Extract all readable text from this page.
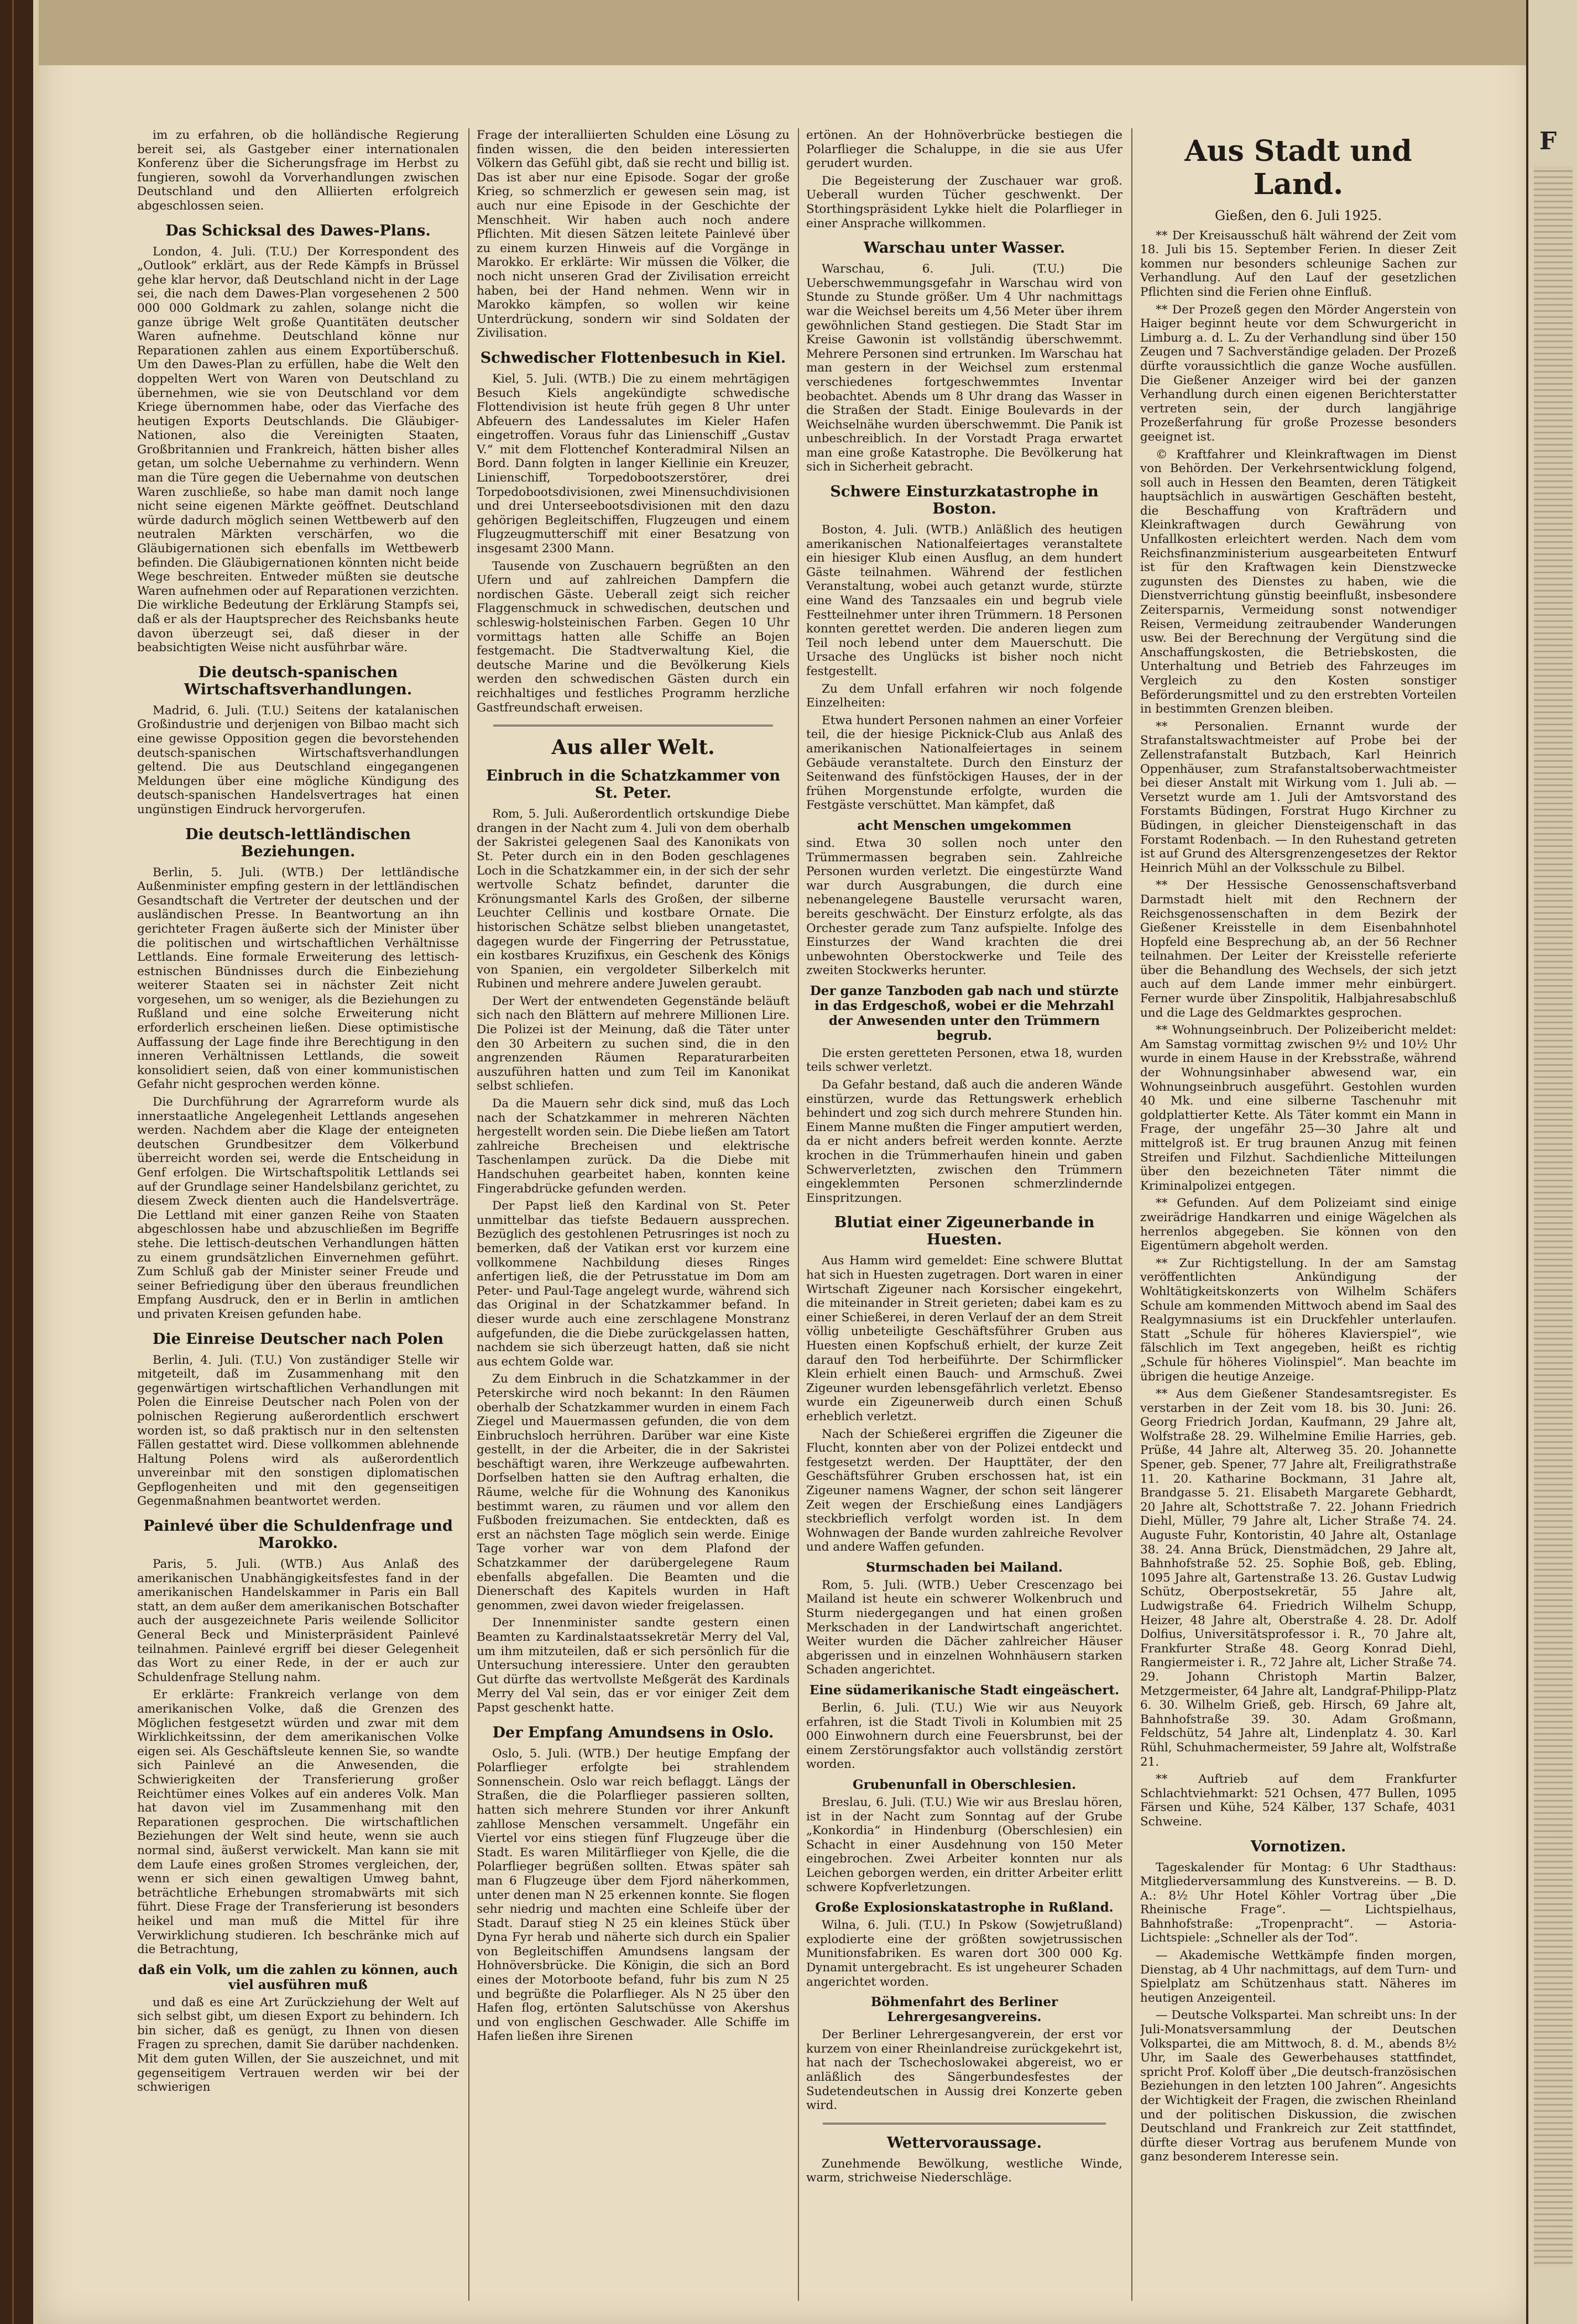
im zu erfahren, ob die holländische Regierung bereit sei, als Gastgeber einer internationalen Konferenz über die Sicherungsfrage im Herbst zu fungieren, sowohl da Vorverhandlungen zwischen Deutschland und den Alliierten erfolgreich abgeschlossen seien.

Das Schicksal des Dawes-Plans.

London, 4. Juli. (T.U.) Der Korrespondent des „Outlook“ erklärt, aus der Rede Kämpfs in Brüssel gehe klar hervor, daß Deutschland nicht in der Lage sei, die nach dem Dawes-Plan vorgesehenen 2 500 000 000 Goldmark zu zahlen, solange nicht die ganze übrige Welt große Quantitäten deutscher Waren aufnehme. Deutschland könne nur Reparationen zahlen aus einem Exportüberschuß. Um den Dawes-Plan zu erfüllen, habe die Welt den doppelten Wert von Waren von Deutschland zu übernehmen, wie sie von Deutschland vor dem Kriege übernommen habe, oder das Vierfache des heutigen Exports Deutschlands. Die Gläubiger-Nationen, also die Vereinigten Staaten, Großbritannien und Frankreich, hätten bisher alles getan, um solche Uebernahme zu verhindern. Wenn man die Türe gegen die Uebernahme von deutschen Waren zuschließe, so habe man damit noch lange nicht seine eigenen Märkte geöffnet. Deutschland würde dadurch möglich seinen Wettbewerb auf den neutralen Märkten verschärfen, wo die Gläubigernationen sich ebenfalls im Wettbewerb befinden. Die Gläubigernationen könnten nicht beide Wege beschreiten. Entweder müßten sie deutsche Waren aufnehmen oder auf Reparationen verzichten. Die wirkliche Bedeutung der Erklärung Stampfs sei, daß er als der Hauptsprecher des Reichsbanks heute davon überzeugt sei, daß dieser in der beabsichtigten Weise nicht ausführbar wäre.

Die deutsch-spanischen Wirtschaftsverhandlungen.

Madrid, 6. Juli. (T.U.) Seitens der katalanischen Großindustrie und derjenigen von Bilbao macht sich eine gewisse Opposition gegen die bevorstehenden deutsch-spanischen Wirtschaftsverhandlungen geltend. Die aus Deutschland eingegangenen Meldungen über eine mögliche Kündigung des deutsch-spanischen Handelsvertrages hat einen ungünstigen Eindruck hervorgerufen.

Die deutsch-lettländischen Beziehungen.

Berlin, 5. Juli. (WTB.) Der lettländische Außenminister empfing gestern in der lettländischen Gesandtschaft die Vertreter der deutschen und der ausländischen Presse. In Beantwortung an ihn gerichteter Fragen äußerte sich der Minister über die politischen und wirtschaftlichen Verhältnisse Lettlands. Eine formale Erweiterung des lettisch-estnischen Bündnisses durch die Einbeziehung weiterer Staaten sei in nächster Zeit nicht vorgesehen, um so weniger, als die Beziehungen zu Rußland und eine solche Erweiterung nicht erforderlich erscheinen ließen. Diese optimistische Auffassung der Lage finde ihre Berechtigung in den inneren Verhältnissen Lettlands, die soweit konsolidiert seien, daß von einer kommunistischen Gefahr nicht gesprochen werden könne.

Die Durchführung der Agrarreform wurde als innerstaatliche Angelegenheit Lettlands angesehen werden. Nachdem aber die Klage der enteigneten deutschen Grundbesitzer dem Völkerbund überreicht worden sei, werde die Entscheidung in Genf erfolgen. Die Wirtschaftspolitik Lettlands sei auf der Grundlage seiner Handelsbilanz gerichtet, zu diesem Zweck dienten auch die Handelsverträge. Die Lettland mit einer ganzen Reihe von Staaten abgeschlossen habe und abzuschließen im Begriffe stehe. Die lettisch-deutschen Verhandlungen hätten zu einem grundsätzlichen Einvernehmen geführt. Zum Schluß gab der Minister seiner Freude und seiner Befriedigung über den überaus freundlichen Empfang Ausdruck, den er in Berlin in amtlichen und privaten Kreisen gefunden habe.

Die Einreise Deutscher nach Polen

Berlin, 4. Juli. (T.U.) Von zuständiger Stelle wir mitgeteilt, daß im Zusammenhang mit den gegenwärtigen wirtschaftlichen Verhandlungen mit Polen die Einreise Deutscher nach Polen von der polnischen Regierung außerordentlich erschwert worden ist, so daß praktisch nur in den seltensten Fällen gestattet wird. Diese vollkommen ablehnende Haltung Polens wird als außerordentlich unvereinbar mit den sonstigen diplomatischen Gepflogenheiten und mit den gegenseitigen Gegenmaßnahmen beantwortet werden.

Painlevé über die Schuldenfrage und Marokko.

Paris, 5. Juli. (WTB.) Aus Anlaß des amerikanischen Unabhängigkeitsfestes fand in der amerikanischen Handelskammer in Paris ein Ball statt, an dem außer dem amerikanischen Botschafter auch der ausgezeichnete Paris weilende Sollicitor General Beck und Ministerpräsident Painlevé teilnahmen. Painlevé ergriff bei dieser Gelegenheit das Wort zu einer Rede, in der er auch zur Schuldenfrage Stellung nahm.

Er erklärte: Frankreich verlange von dem amerikanischen Volke, daß die Grenzen des Möglichen festgesetzt würden und zwar mit dem Wirklichkeitssinn, der dem amerikanischen Volke eigen sei. Als Geschäftsleute kennen Sie, so wandte sich Painlevé an die Anwesenden, die Schwierigkeiten der Transferierung großer Reichtümer eines Volkes auf ein anderes Volk. Man hat davon viel im Zusammenhang mit den Reparationen gesprochen. Die wirtschaftlichen Beziehungen der Welt sind heute, wenn sie auch normal sind, äußerst verwickelt. Man kann sie mit dem Laufe eines großen Stromes vergleichen, der, wenn er sich einen gewaltigen Umweg bahnt, beträchtliche Erhebungen stromabwärts mit sich führt. Diese Frage der Transferierung ist besonders heikel und man muß die Mittel für ihre Verwirklichung studieren. Ich beschränke mich auf die Betrachtung,

daß ein Volk, um die zahlen zu können, auch viel ausführen muß

und daß es eine Art Zurückziehung der Welt auf sich selbst gibt, um diesen Export zu behindern. Ich bin sicher, daß es genügt, zu Ihnen von diesen Fragen zu sprechen, damit Sie darüber nachdenken. Mit dem guten Willen, der Sie auszeichnet, und mit gegenseitigem Vertrauen werden wir bei der schwierigen

Frage der interalliierten Schulden eine Lösung zu finden wissen, die den beiden interessierten Völkern das Gefühl gibt, daß sie recht und billig ist. Das ist aber nur eine Episode. Sogar der große Krieg, so schmerzlich er gewesen sein mag, ist auch nur eine Episode in der Geschichte der Menschheit. Wir haben auch noch andere Pflichten. Mit diesen Sätzen leitete Painlevé über zu einem kurzen Hinweis auf die Vorgänge in Marokko. Er erklärte: Wir müssen die Völker, die noch nicht unseren Grad der Zivilisation erreicht haben, bei der Hand nehmen. Wenn wir in Marokko kämpfen, so wollen wir keine Unterdrückung, sondern wir sind Soldaten der Zivilisation.

Schwedischer Flottenbesuch in Kiel.

Kiel, 5. Juli. (WTB.) Die zu einem mehrtägigen Besuch Kiels angekündigte schwedische Flottendivision ist heute früh gegen 8 Uhr unter Abfeuern des Landessalutes im Kieler Hafen eingetroffen. Voraus fuhr das Linienschiff „Gustav V.“ mit dem Flottenchef Konteradmiral Nilsen an Bord. Dann folgten in langer Kiellinie ein Kreuzer, Linienschiff, Torpedobootszerstörer, drei Torpedobootsdivisionen, zwei Minensuchdivisionen und drei Unterseebootsdivisionen mit den dazu gehörigen Begleitschiffen, Flugzeugen und einem Flugzeugmutterschiff mit einer Besatzung von insgesamt 2300 Mann.

Tausende von Zuschauern begrüßten an den Ufern und auf zahlreichen Dampfern die nordischen Gäste. Ueberall zeigt sich reicher Flaggenschmuck in schwedischen, deutschen und schleswig-holsteinischen Farben. Gegen 10 Uhr vormittags hatten alle Schiffe an Bojen festgemacht. Die Stadtverwaltung Kiel, die deutsche Marine und die Bevölkerung Kiels werden den schwedischen Gästen durch ein reichhaltiges und festliches Programm herzliche Gastfreundschaft erweisen.

Aus aller Welt.
Einbruch in die Schatzkammer von St. Peter.

Rom, 5. Juli. Außerordentlich ortskundige Diebe drangen in der Nacht zum 4. Juli von dem oberhalb der Sakristei gelegenen Saal des Kanonikats von St. Peter durch ein in den Boden geschlagenes Loch in die Schatzkammer ein, in der sich der sehr wertvolle Schatz befindet, darunter die Krönungsmantel Karls des Großen, der silberne Leuchter Cellinis und kostbare Ornate. Die historischen Schätze selbst blieben unangetastet, dagegen wurde der Fingerring der Petrusstatue, ein kostbares Kruzifixus, ein Geschenk des Königs von Spanien, ein vergoldeter Silberkelch mit Rubinen und mehrere andere Juwelen geraubt.

Der Wert der entwendeten Gegenstände beläuft sich nach den Blättern auf mehrere Millionen Lire. Die Polizei ist der Meinung, daß die Täter unter den 30 Arbeitern zu suchen sind, die in den angrenzenden Räumen Reparaturarbeiten auszuführen hatten und zum Teil im Kanonikat selbst schliefen.

Da die Mauern sehr dick sind, muß das Loch nach der Schatzkammer in mehreren Nächten hergestellt worden sein. Die Diebe ließen am Tatort zahlreiche Brecheisen und elektrische Taschenlampen zurück. Da die Diebe mit Handschuhen gearbeitet haben, konnten keine Fingerabdrücke gefunden werden.

Der Papst ließ den Kardinal von St. Peter unmittelbar das tiefste Bedauern aussprechen. Bezüglich des gestohlenen Petrusringes ist noch zu bemerken, daß der Vatikan erst vor kurzem eine vollkommene Nachbildung dieses Ringes anfertigen ließ, die der Petrusstatue im Dom am Peter- und Paul-Tage angelegt wurde, während sich das Original in der Schatzkammer befand. In dieser wurde auch eine zerschlagene Monstranz aufgefunden, die die Diebe zurückgelassen hatten, nachdem sie sich überzeugt hatten, daß sie nicht aus echtem Golde war.

Zu dem Einbruch in die Schatzkammer in der Peterskirche wird noch bekannt: In den Räumen oberhalb der Schatzkammer wurden in einem Fach Ziegel und Mauermassen gefunden, die von dem Einbruchsloch herrühren. Darüber war eine Kiste gestellt, in der die Arbeiter, die in der Sakristei beschäftigt waren, ihre Werkzeuge aufbewahrten. Dorfselben hatten sie den Auftrag erhalten, die Räume, welche für die Wohnung des Kanonikus bestimmt waren, zu räumen und vor allem den Fußboden freizumachen. Sie entdeckten, daß es erst an nächsten Tage möglich sein werde. Einige Tage vorher war von dem Plafond der Schatzkammer der darübergelegene Raum ebenfalls abgefallen. Die Beamten und die Dienerschaft des Kapitels wurden in Haft genommen, zwei davon wieder freigelassen.

Der Innenminister sandte gestern einen Beamten zu Kardinalstaatssekretär Merry del Val, um ihm mitzuteilen, daß er sich persönlich für die Untersuchung interessiere. Unter den geraubten Gut dürfte das wertvollste Meßgerät des Kardinals Merry del Val sein, das er vor einiger Zeit dem Papst geschenkt hatte.

Der Empfang Amundsens in Oslo.

Oslo, 5. Juli. (WTB.) Der heutige Empfang der Polarflieger erfolgte bei strahlendem Sonnenschein. Oslo war reich beflaggt. Längs der Straßen, die die Polarflieger passieren sollten, hatten sich mehrere Stunden vor ihrer Ankunft zahllose Menschen versammelt. Ungefähr ein Viertel vor eins stiegen fünf Flugzeuge über die Stadt. Es waren Militärflieger von Kjelle, die die Polarflieger begrüßen sollten. Etwas später sah man 6 Flugzeuge über dem Fjord näherkommen, unter denen man N 25 erkennen konnte. Sie flogen sehr niedrig und machten eine Schleife über der Stadt. Darauf stieg N 25 ein kleines Stück über Dyna Fyr herab und näherte sich durch ein Spalier von Begleitschiffen Amundsens langsam der Hohnöversbrücke. Die Königin, die sich an Bord eines der Motorboote befand, fuhr bis zum N 25 und begrüßte die Polarflieger. Als N 25 über den Hafen flog, ertönten Salutschüsse von Akershus und von englischen Geschwader. Alle Schiffe im Hafen ließen ihre Sirenen

ertönen. An der Hohnöverbrücke bestiegen die Polarflieger die Schaluppe, in die sie aus Ufer gerudert wurden.

Die Begeisterung der Zuschauer war groß. Ueberall wurden Tücher geschwenkt. Der Storthingspräsident Lykke hielt die Polarflieger in einer Ansprache willkommen.

Warschau unter Wasser.

Warschau, 6. Juli. (T.U.) Die Ueberschwemmungsgefahr in Warschau wird von Stunde zu Stunde größer. Um 4 Uhr nachmittags war die Weichsel bereits um 4,56 Meter über ihrem gewöhnlichen Stand gestiegen. Die Stadt Star im Kreise Gawonin ist vollständig überschwemmt. Mehrere Personen sind ertrunken. Im Warschau hat man gestern in der Weichsel zum erstenmal verschiedenes fortgeschwemmtes Inventar beobachtet. Abends um 8 Uhr drang das Wasser in die Straßen der Stadt. Einige Boulevards in der Weichselnähe wurden überschwemmt. Die Panik ist unbeschreiblich. In der Vorstadt Praga erwartet man eine große Katastrophe. Die Bevölkerung hat sich in Sicherheit gebracht.

Schwere Einsturzkatastrophe in Boston.

Boston, 4. Juli. (WTB.) Anläßlich des heutigen amerikanischen Nationalfeiertages veranstaltete ein hiesiger Klub einen Ausflug, an dem hundert Gäste teilnahmen. Während der festlichen Veranstaltung, wobei auch getanzt wurde, stürzte eine Wand des Tanzsaales ein und begrub viele Festteilnehmer unter ihren Trümmern. 18 Personen konnten gerettet werden. Die anderen liegen zum Teil noch lebend unter dem Mauerschutt. Die Ursache des Unglücks ist bisher noch nicht festgestellt.

Zu dem Unfall erfahren wir noch folgende Einzelheiten:

Etwa hundert Personen nahmen an einer Vorfeier teil, die der hiesige Picknick-Club aus Anlaß des amerikanischen Nationalfeiertages in seinem Gebäude veranstaltete. Durch den Einsturz der Seitenwand des fünfstöckigen Hauses, der in der frühen Morgenstunde erfolgte, wurden die Festgäste verschüttet. Man kämpfet, daß

acht Menschen umgekommen

sind. Etwa 30 sollen noch unter den Trümmermassen begraben sein. Zahlreiche Personen wurden verletzt. Die eingestürzte Wand war durch Ausgrabungen, die durch eine nebenangelegene Baustelle verursacht waren, bereits geschwächt. Der Einsturz erfolgte, als das Orchester gerade zum Tanz aufspielte. Infolge des Einsturzes der Wand krachten die drei unbewohnten Oberstockwerke und Teile des zweiten Stockwerks herunter.

Der ganze Tanzboden gab nach und stürzte in das Erdgeschoß, wobei er die Mehrzahl der Anwesenden unter den Trümmern begrub.

Die ersten geretteten Personen, etwa 18, wurden teils schwer verletzt.

Da Gefahr bestand, daß auch die anderen Wände einstürzen, wurde das Rettungswerk erheblich behindert und zog sich durch mehrere Stunden hin. Einem Manne mußten die Finger amputiert werden, da er nicht anders befreit werden konnte. Aerzte krochen in die Trümmerhaufen hinein und gaben Schwerverletzten, zwischen den Trümmern eingeklemmten Personen schmerzlindernde Einspritzungen.

Blutiat einer Zigeunerbande in Huesten.

Aus Hamm wird gemeldet: Eine schwere Bluttat hat sich in Huesten zugetragen. Dort waren in einer Wirtschaft Zigeuner nach Korsischer eingekehrt, die miteinander in Streit gerieten; dabei kam es zu einer Schießerei, in deren Verlauf der an dem Streit völlig unbeteiligte Geschäftsführer Gruben aus Huesten einen Kopfschuß erhielt, der kurze Zeit darauf den Tod herbeiführte. Der Schirmflicker Klein erhielt einen Bauch- und Armschuß. Zwei Zigeuner wurden lebensgefährlich verletzt. Ebenso wurde ein Zigeunerweib durch einen Schuß erheblich verletzt.

Nach der Schießerei ergriffen die Zigeuner die Flucht, konnten aber von der Polizei entdeckt und festgesetzt werden. Der Haupttäter, der den Geschäftsführer Gruben erschossen hat, ist ein Zigeuner namens Wagner, der schon seit längerer Zeit wegen der Erschießung eines Landjägers steckbrieflich verfolgt worden ist. In dem Wohnwagen der Bande wurden zahlreiche Revolver und andere Waffen gefunden.

Sturmschaden bei Mailand.

Rom, 5. Juli. (WTB.) Ueber Crescenzago bei Mailand ist heute ein schwerer Wolkenbruch und Sturm niedergegangen und hat einen großen Merkschaden in der Landwirtschaft angerichtet. Weiter wurden die Dächer zahlreicher Häuser abgerissen und in einzelnen Wohnhäusern starken Schaden angerichtet.

Eine südamerikanische Stadt eingeäschert.

Berlin, 6. Juli. (T.U.) Wie wir aus Neuyork erfahren, ist die Stadt Tivoli in Kolumbien mit 25 000 Einwohnern durch eine Feuersbrunst, bei der einem Zerstörungsfaktor auch vollständig zerstört worden.

Grubenunfall in Oberschlesien.

Breslau, 6. Juli. (T.U.) Wie wir aus Breslau hören, ist in der Nacht zum Sonntag auf der Grube „Konkordia“ in Hindenburg (Oberschlesien) ein Schacht in einer Ausdehnung von 150 Meter eingebrochen. Zwei Arbeiter konnten nur als Leichen geborgen werden, ein dritter Arbeiter erlitt schwere Kopfverletzungen.

Große Explosionskatastrophe in Rußland.

Wilna, 6. Juli. (T.U.) In Pskow (Sowjetrußland) explodierte eine der größten sowjetrussischen Munitionsfabriken. Es waren dort 300 000 Kg. Dynamit untergebracht. Es ist ungeheurer Schaden angerichtet worden.

Böhmenfahrt des Berliner Lehrergesangvereins.

Der Berliner Lehrergesangverein, der erst vor kurzem von einer Rheinlandreise zurückgekehrt ist, hat nach der Tschechoslowakei abgereist, wo er anläßlich des Sängerbundesfestes der Sudetendeutschen in Aussig drei Konzerte geben wird.

Wettervoraussage.

Zunehmende Bewölkung, westliche Winde, warm, strichweise Niederschläge.

Aus Stadt und Land.
Gießen, den 6. Juli 1925.

** Der Kreisausschuß hält während der Zeit vom 18. Juli bis 15. September Ferien. In dieser Zeit kommen nur besonders schleunige Sachen zur Verhandlung. Auf den Lauf der gesetzlichen Pflichten sind die Ferien ohne Einfluß.

** Der Prozeß gegen den Mörder Angerstein von Haiger beginnt heute vor dem Schwurgericht in Limburg a. d. L. Zu der Verhandlung sind über 150 Zeugen und 7 Sachverständige geladen. Der Prozeß dürfte voraussichtlich die ganze Woche ausfüllen. Die Gießener Anzeiger wird bei der ganzen Verhandlung durch einen eigenen Berichterstatter vertreten sein, der durch langjährige Prozeßerfahrung für große Prozesse besonders geeignet ist.

© Kraftfahrer und Kleinkraftwagen im Dienst von Behörden. Der Verkehrsentwicklung folgend, soll auch in Hessen den Beamten, deren Tätigkeit hauptsächlich in auswärtigen Geschäften besteht, die Beschaffung von Krafträdern und Kleinkraftwagen durch Gewährung von Unfallkosten erleichtert werden. Nach dem vom Reichsfinanzministerium ausgearbeiteten Entwurf ist für den Kraftwagen kein Dienstzwecke zugunsten des Dienstes zu haben, wie die Dienstverrichtung günstig beeinflußt, insbesondere Zeitersparnis, Vermeidung sonst notwendiger Reisen, Vermeidung zeitraubender Wanderungen usw. Bei der Berechnung der Vergütung sind die Anschaffungskosten, die Betriebskosten, die Unterhaltung und Betrieb des Fahrzeuges im Vergleich zu den Kosten sonstiger Beförderungsmittel und zu den erstrebten Vorteilen in bestimmten Grenzen bleiben.

** Personalien. Ernannt wurde der Strafanstaltswachtmeister auf Probe bei der Zellenstrafanstalt Butzbach, Karl Heinrich Oppenhäuser, zum Strafanstaltsoberwachtmeister bei dieser Anstalt mit Wirkung vom 1. Juli ab. — Versetzt wurde am 1. Juli der Amtsvorstand des Forstamts Büdingen, Forstrat Hugo Kirchner zu Büdingen, in gleicher Diensteigenschaft in das Forstamt Rodenbach. — In den Ruhestand getreten ist auf Grund des Altersgrenzengesetzes der Rektor Heinrich Mühl an der Volksschule zu Bilbel.

** Der Hessische Genossenschaftsverband Darmstadt hielt mit den Rechnern der Reichsgenossenschaften in dem Bezirk der Gießener Kreisstelle in dem Eisenbahnhotel Hopfeld eine Besprechung ab, an der 56 Rechner teilnahmen. Der Leiter der Kreisstelle referierte über die Behandlung des Wechsels, der sich jetzt auch auf dem Lande immer mehr einbürgert. Ferner wurde über Zinspolitik, Halbjahresabschluß und die Lage des Geldmarktes gesprochen.

** Wohnungseinbruch. Der Polizeibericht meldet: Am Samstag vormittag zwischen 9½ und 10½ Uhr wurde in einem Hause in der Krebsstraße, während der Wohnungsinhaber abwesend war, ein Wohnungseinbruch ausgeführt. Gestohlen wurden 40 Mk. und eine silberne Taschenuhr mit goldplattierter Kette. Als Täter kommt ein Mann in Frage, der ungefähr 25—30 Jahre alt und mittelgroß ist. Er trug braunen Anzug mit feinen Streifen und Filzhut. Sachdienliche Mitteilungen über den bezeichneten Täter nimmt die Kriminalpolizei entgegen.

** Gefunden. Auf dem Polizeiamt sind einige zweirädrige Handkarren und einige Wägelchen als herrenlos abgegeben. Sie können von den Eigentümern abgeholt werden.

** Zur Richtigstellung. In der am Samstag veröffentlichten Ankündigung der Wohltätigkeitskonzerts von Wilhelm Schäfers Schule am kommenden Mittwoch abend im Saal des Realgymnasiums ist ein Druckfehler unterlaufen. Statt „Schule für höheres Klavierspiel“, wie fälschlich im Text angegeben, heißt es richtig „Schule für höheres Violinspiel“. Man beachte im übrigen die heutige Anzeige.

** Aus dem Gießener Standesamtsregister. Es verstarben in der Zeit vom 18. bis 30. Juni: 26. Georg Friedrich Jordan, Kaufmann, 29 Jahre alt, Wolfstraße 28. 29. Wilhelmine Emilie Harries, geb. Prüße, 44 Jahre alt, Alterweg 35. 20. Johannette Spener, geb. Spener, 77 Jahre alt, Freiligrathstraße 11. 20. Katharine Bockmann, 31 Jahre alt, Brandgasse 5. 21. Elisabeth Margarete Gebhardt, 20 Jahre alt, Schottstraße 7. 22. Johann Friedrich Diehl, Müller, 79 Jahre alt, Licher Straße 74. 24. Auguste Fuhr, Kontoristin, 40 Jahre alt, Ostanlage 38. 24. Anna Brück, Dienstmädchen, 29 Jahre alt, Bahnhofstraße 52. 25. Sophie Boß, geb. Ebling, 1095 Jahre alt, Gartenstraße 13. 26. Gustav Ludwig Schütz, Oberpostsekretär, 55 Jahre alt, Ludwigstraße 64. Friedrich Wilhelm Schupp, Heizer, 48 Jahre alt, Oberstraße 4. 28. Dr. Adolf Dolfius, Universitätsprofessor i. R., 70 Jahre alt, Frankfurter Straße 48. Georg Konrad Diehl, Rangiermeister i. R., 72 Jahre alt, Licher Straße 74. 29. Johann Christoph Martin Balzer, Metzgermeister, 64 Jahre alt, Landgraf-Philipp-Platz 6. 30. Wilhelm Grieß, geb. Hirsch, 69 Jahre alt, Bahnhofstraße 39. 30. Adam Großmann, Feldschütz, 54 Jahre alt, Lindenplatz 4. 30. Karl Rühl, Schuhmachermeister, 59 Jahre alt, Wolfstraße 21.

** Auftrieb auf dem Frankfurter Schlachtviehmarkt: 521 Ochsen, 477 Bullen, 1095 Färsen und Kühe, 524 Kälber, 137 Schafe, 4031 Schweine.

Vornotizen.

Tageskalender für Montag: 6 Uhr Stadthaus: Mitgliederversammlung des Kunstvereins. — B. D. A.: 8½ Uhr Hotel Köhler Vortrag über „Die Rheinische Frage“. — Lichtspielhaus, Bahnhofstraße: „Tropenpracht“. — Astoria-Lichtspiele: „Schneller als der Tod“.

— Akademische Wettkämpfe finden morgen, Dienstag, ab 4 Uhr nachmittags, auf dem Turn- und Spielplatz am Schützenhaus statt. Näheres im heutigen Anzeigenteil.

— Deutsche Volkspartei. Man schreibt uns: In der Juli-Monatsversammlung der Deutschen Volkspartei, die am Mittwoch, 8. d. M., abends 8½ Uhr, im Saale des Gewerbehauses stattfindet, spricht Prof. Koloff über „Die deutsch-französischen Beziehungen in den letzten 100 Jahren“. Angesichts der Wichtigkeit der Fragen, die zwischen Rheinland und der politischen Diskussion, die zwischen Deutschland und Frankreich zur Zeit stattfindet, dürfte dieser Vortrag aus berufenem Munde von ganz besonderem Interesse sein.

F
